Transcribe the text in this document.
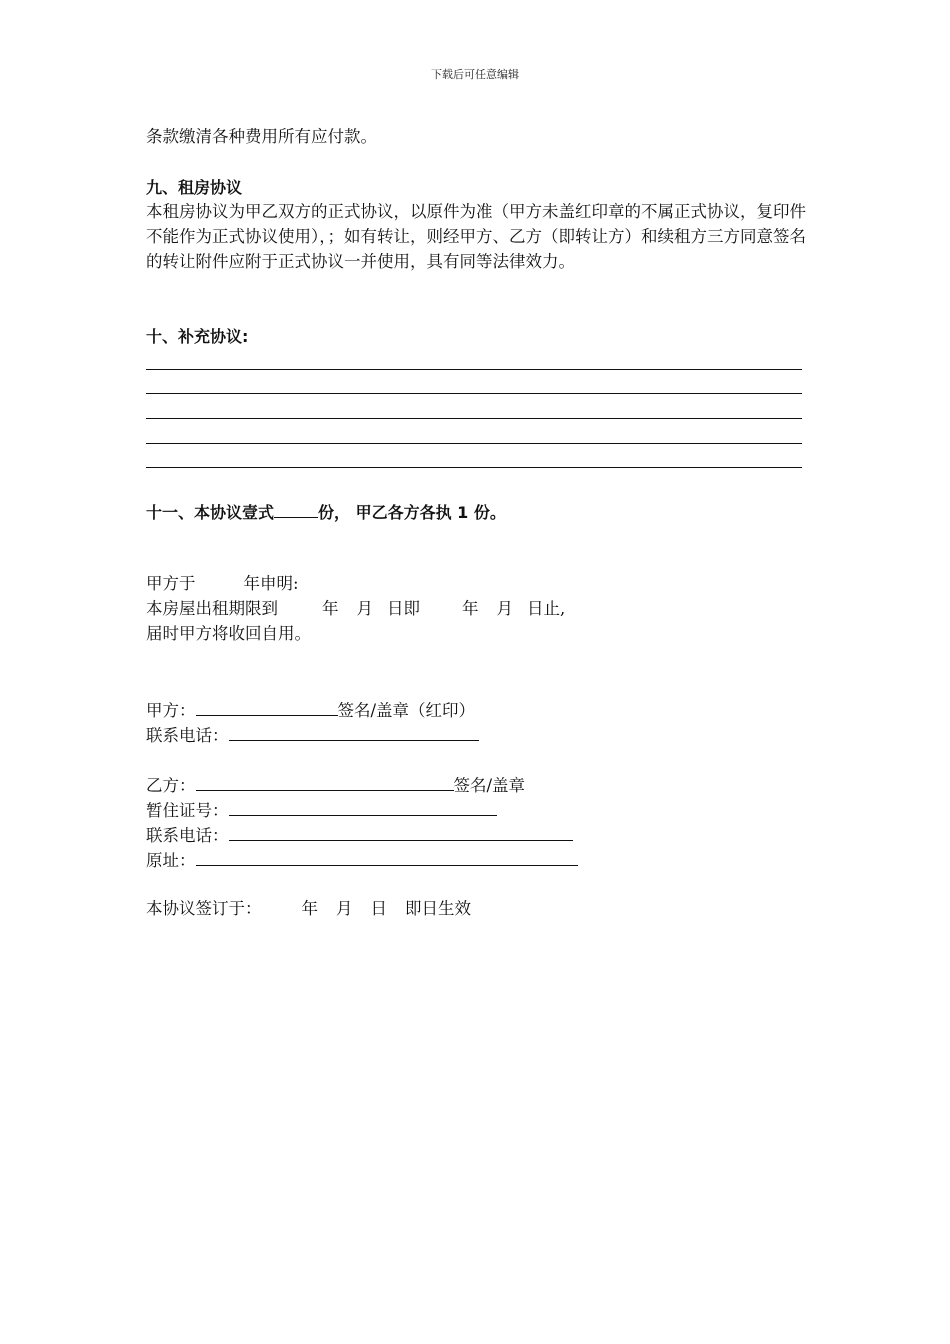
下载后可任意编辑
条款缴清各种费用所有应付款。
九、租房协议
本租房协议为甲乙双方的正式协议，以原件为准（甲方未盖红印章的不属正式协议，复印件不能作为正式协议使用），；如有转让，则经甲方、乙方（即转让方）和续租方三方同意签名的转让附件应附于正式协议一并使用，具有同等法律效力。
十、补充协议:
十一、本协议壹式	份， 甲乙各方各执 1 份。
甲方于	年申明:
本房屋出租期限到	年 月 日即	年 月 日止,
届时甲方将收回自用。
甲方：	签名/盖章（红印）
联系电话：
乙方：	签名/盖章
暂住证号：
联系电话：
原址：
本协议签订于： 年 月 日 即日生效
